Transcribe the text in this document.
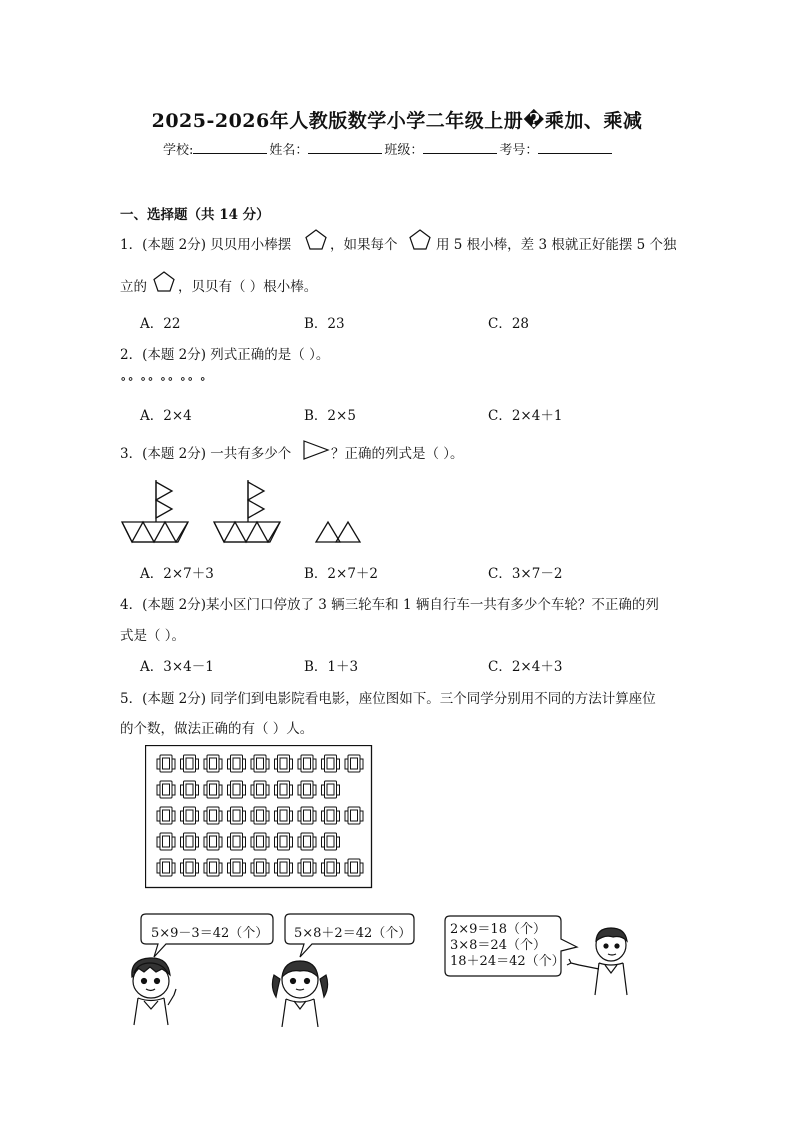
2025-2026年人教版数学小学二年级上册�乘加、乘减
学校:	姓名：	班级：	考号：
一、选择题（共 14 分）
1．(本题 2分) 贝贝用小棒摆	，如果每个	用 5 根小棒，差 3 根就正好能摆 5 个独
立的 ，贝贝有（ ）根小棒。
A．22	B．23	C．28
2．(本题 2分) 列式正确的是（ ）。
∘∘ ∘∘ ∘∘ ∘∘ ∘
A．2×4	B．2×5	C．2×4＋1
3．(本题 2分) 一共有多少个	？正确的列式是（ ）。
A．2×7＋3	B．2×7＋2	C．3×7－2
4．(本题 2分)某小区门口停放了 3 辆三轮车和 1 辆自行车一共有多少个车轮？不正确的列
式是（ ）。
A．3×4－1	B．1＋3	C．2×4＋3
5．(本题 2分) 同学们到电影院看电影，座位图如下。三个同学分别用不同的方法计算座位
的个数，做法正确的有（ ）人。
5×9－3＝42（个） 5×8＋2＝42（个）	2×9＝18（个）
3×8＝24（个）
18＋24＝42（个）
